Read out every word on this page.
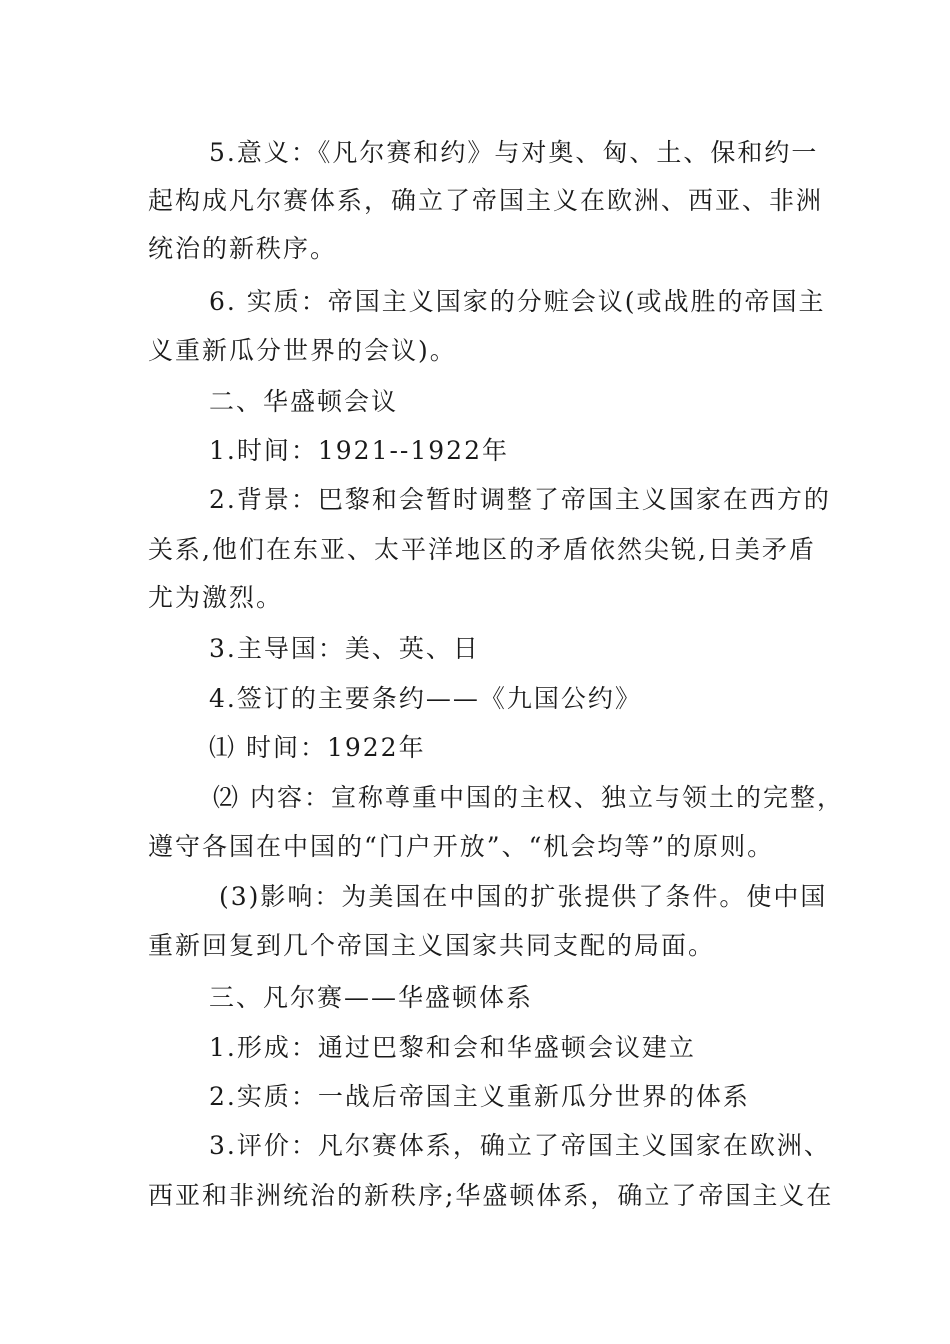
5.意义：《凡尔赛和约》与对奥、匈、土、保和约一
起构成凡尔赛体系，确立了帝国主义在欧洲、西亚、非洲
统治的新秩序。
6. 实质：帝国主义国家的分赃会议(或战胜的帝国主
义重新瓜分世界的会议)。
二、华盛顿会议
1.时间：1921--1922年
2.背景：巴黎和会暂时调整了帝国主义国家在西方的
关系,他们在东亚、太平洋地区的矛盾依然尖锐,日美矛盾
尤为激烈。
3.主导国：美、英、日
4.签订的主要条约——《九国公约》
⑴ 时间：1922年
⑵ 内容：宣称尊重中国的主权、独立与领土的完整，
遵守各国在中国的“门户开放”、“机会均等”的原则。
(3)影响：为美国在中国的扩张提供了条件。使中国
重新回复到几个帝国主义国家共同支配的局面。
三、凡尔赛——华盛顿体系
1.形成：通过巴黎和会和华盛顿会议建立
2.实质：一战后帝国主义重新瓜分世界的体系
3.评价：凡尔赛体系，确立了帝国主义国家在欧洲、
西亚和非洲统治的新秩序;华盛顿体系，确立了帝国主义在
